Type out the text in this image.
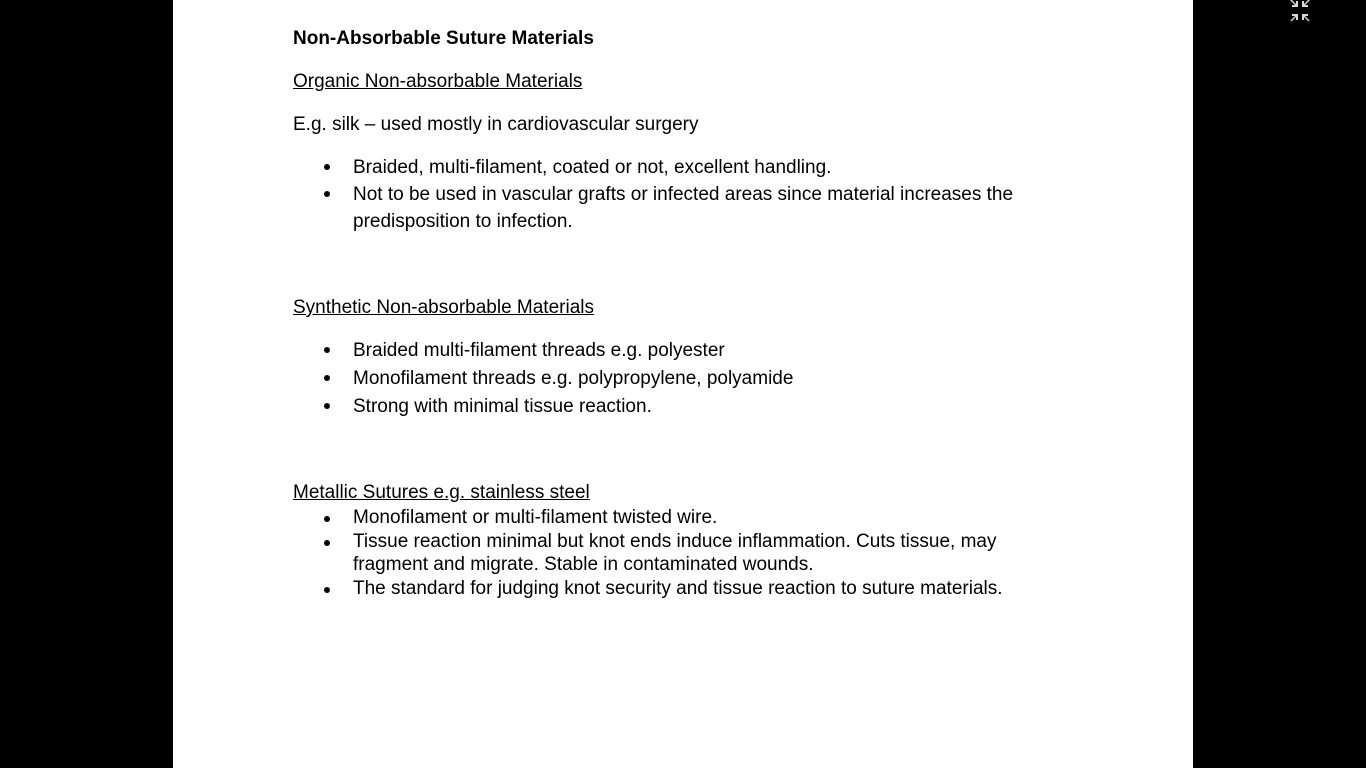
Non-Absorbable Suture Materials
Organic Non-absorbable Materials
E.g. silk – used mostly in cardiovascular surgery
Braided, multi-filament, coated or not, excellent handling.
Not to be used in vascular grafts or infected areas since material increases the predisposition to infection.
Synthetic Non-absorbable Materials
Braided multi-filament threads e.g. polyester
Monofilament threads e.g. polypropylene, polyamide
Strong with minimal tissue reaction.
Metallic Sutures e.g. stainless steel
Monofilament or multi-filament twisted wire.
Tissue reaction minimal but knot ends induce inflammation. Cuts tissue, may fragment and migrate. Stable in contaminated wounds.
The standard for judging knot security and tissue reaction to suture materials.
